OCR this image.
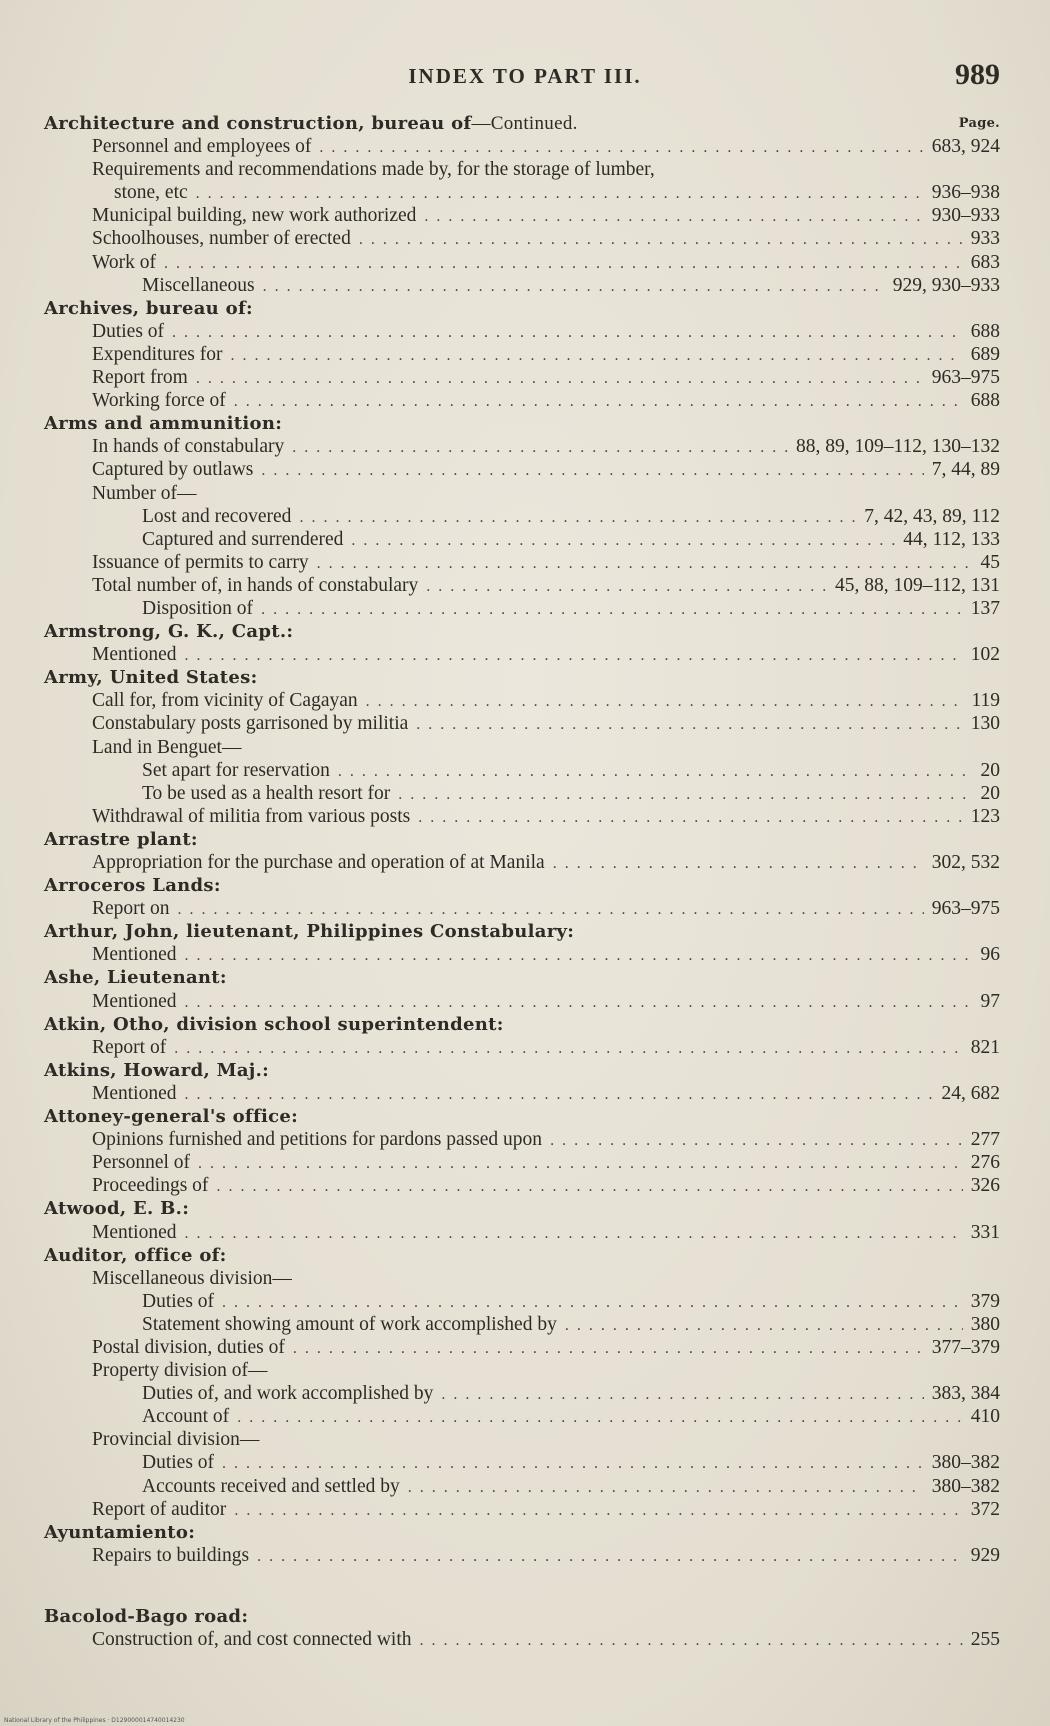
INDEX TO PART III.	989
Architecture and construction, bureau of—Continued.	Page.
Personnel and employees of . . .	683, 924
Requirements and recommendations made by, for the storage of lumber,
stone, etc . . .	936–938
Municipal building, new work authorized . . .	930–933
Schoolhouses, number of erected . . .	933
Work of . . .	683
Miscellaneous . . .	929, 930–933
Archives, bureau of:
Duties of . . .	688
Expenditures for . . .	689
Report from . . .	963–975
Working force of . . .	688
Arms and ammunition:
In hands of constabulary . . .	88, 89, 109–112, 130–132
Captured by outlaws . . .	7, 44, 89
Number of—
Lost and recovered . . .	7, 42, 43, 89, 112
Captured and surrendered . . .	44, 112, 133
Issuance of permits to carry . . .	45
Total number of, in hands of constabulary . . .	45, 88, 109–112, 131
Disposition of . . .	137
Armstrong, G. K., Capt.:
Mentioned . . .	102
Army, United States:
Call for, from vicinity of Cagayan . . .	119
Constabulary posts garrisoned by militia . . .	130
Land in Benguet—
Set apart for reservation . . .	20
To be used as a health resort for . . .	20
Withdrawal of militia from various posts . . .	123
Arrastre plant:
Appropriation for the purchase and operation of at Manila . . .	302, 532
Arroceros Lands:
Report on . . .	963–975
Arthur, John, lieutenant, Philippines Constabulary:
Mentioned . . .	96
Ashe, Lieutenant:
Mentioned . . .	97
Atkin, Otho, division school superintendent:
Report of . . .	821
Atkins, Howard, Maj.:
Mentioned . . .	24, 682
Attoney-general's office:
Opinions furnished and petitions for pardons passed upon . . .	277
Personnel of . . .	276
Proceedings of . . .	326
Atwood, E. B.:
Mentioned . . .	331
Auditor, office of:
Miscellaneous division—
Duties of . . .	379
Statement showing amount of work accomplished by . . .	380
Postal division, duties of . . .	377–379
Property division of—
Duties of, and work accomplished by . . .	383, 384
Account of . . .	410
Provincial division—
Duties of . . .	380–382
Accounts received and settled by . . .	380–382
Report of auditor . . .	372
Ayuntamiento:
Repairs to buildings . . .	929
Bacolod-Bago road:
Construction of, and cost connected with . . .	255
National Library of the Philippines · D129000014740014230
